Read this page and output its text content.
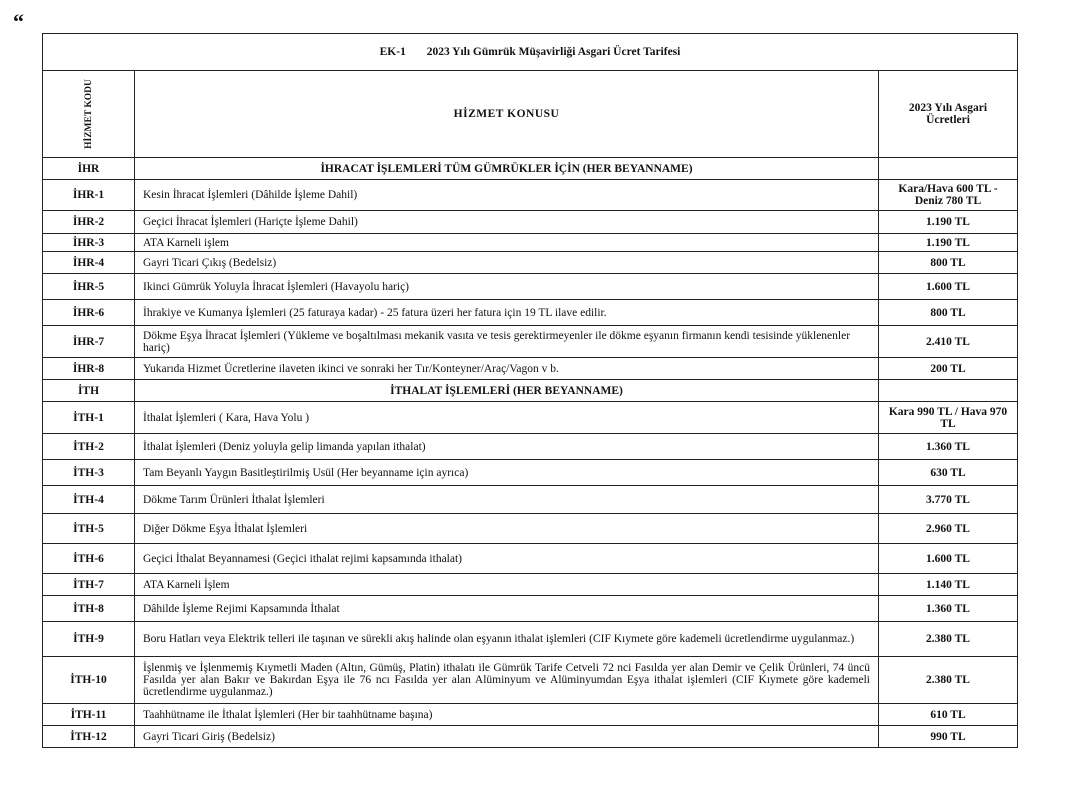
“
EK-1 2023 Yılı Gümrük Müşavirliği Asgari Ücret Tarifesi		

HİZMET KODU	HİZMET KONUSU	2023 Yılı Asgari Ücretleri
İHR	İHRACAT İŞLEMLERİ TÜM GÜMRÜKLER İÇİN (HER BEYANNAME)	
İHR-1	Kesin İhracat İşlemleri (Dâhilde İşleme Dahil)	Kara/Hava 600 TL - Deniz 780 TL
İHR-2	Geçici İhracat İşlemleri (Hariçte İşleme Dahil)	1.190 TL
İHR-3	ATA Karneli işlem	1.190 TL
İHR-4	Gayri Ticari Çıkış (Bedelsiz)	800 TL
İHR-5	Ikinci Gümrük Yoluyla İhracat İşlemleri (Havayolu hariç)	1.600 TL
İHR-6	İhrakiye ve Kumanya İşlemleri (25 faturaya kadar) - 25 fatura üzeri her fatura için 19 TL ilave edilir.	800 TL
İHR-7	Dökme Eşya İhracat İşlemleri (Yükleme ve boşaltılması mekanik vasıta ve tesis gerektirmeyenler ile dökme eşyanın firmanın kendi tesisinde yüklenenler hariç)	2.410 TL
İHR-8	Yukarıda Hizmet Ücretlerine ilaveten ikinci ve sonraki her Tır/Konteyner/Araç/Vagon v b.	200 TL
İTH	İTHALAT İŞLEMLERİ (HER BEYANNAME)	
İTH-1	İthalat İşlemleri ( Kara, Hava Yolu )	Kara 990 TL / Hava 970 TL
İTH-2	İthalat İşlemleri (Deniz yoluyla gelip limanda yapılan ithalat)	1.360 TL
İTH-3	Tam Beyanlı Yaygın Basitleştirilmiş Usül (Her beyanname için ayrıca)	630 TL
İTH-4	Dökme Tarım Ürünleri İthalat İşlemleri	3.770 TL
İTH-5	Diğer Dökme Eşya İthalat İşlemleri	2.960 TL
İTH-6	Geçici İthalat Beyannamesi (Geçici ithalat rejimi kapsamında ithalat)	1.600 TL
İTH-7	ATA Karneli İşlem	1.140 TL
İTH-8	Dâhilde İşleme Rejimi Kapsamında İthalat	1.360 TL
İTH-9	Boru Hatları veya Elektrik telleri ile taşınan ve sürekli akış halinde olan eşyanın ithalat işlemleri (CIF Kıymete göre kademeli ücretlendirme uygulanmaz.)	2.380 TL
İTH-10	İşlenmiş ve İşlenmemiş Kıymetli Maden (Altın, Gümüş, Platin) ithalatı ile Gümrük Tarife Cetveli 72 nci Fasılda yer alan Demir ve Çelik Ürünleri, 74 üncü Fasılda yer alan Bakır ve Bakırdan Eşya ile 76 ncı Fasılda yer alan Alüminyum ve Alüminyumdan Eşya ithalat işlemleri (CIF Kıymete göre kademeli ücretlendirme uygulanmaz.)	2.380 TL
İTH-11	Taahhütname ile İthalat İşlemleri (Her bir taahhütname başına)	610 TL
İTH-12	Gayri Ticari Giriş (Bedelsiz)	990 TL
